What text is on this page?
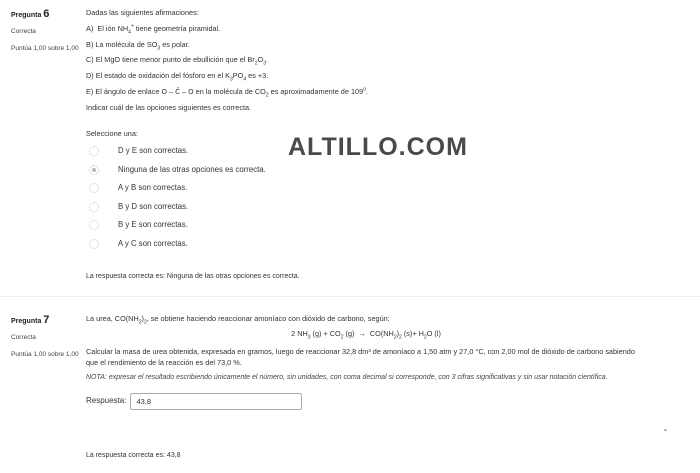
Pregunta 6
Correcta
Puntúa 1,00 sobre 1,00

Dadas las siguientes afirmaciones:

A)  El ión $NH_4^+$ tiene geometría piramidal.

B) La molécula de $SO_3$ es polar.

C) El MgO tiene menor punto de ebullición que el $Br_2O_3$.

D) El estado de oxidación del fósforo en el $K_3PO_4$ es +3.

E) El ángulo de enlace O – Ĉ – O en la molécula de $CO_2$ es aproximadamente de 109$^o$.

Indicar cuál de las opciones siguientes es correcta.

Seleccione una:
D y E son correctas.
Ninguna de las otras opciones es correcta.
A y B son correctas.
B y D son correctas.
B y E son correctas.
A y C son correctas.
La respuesta correcta es: Ninguna de las otras opciones es correcta.
ALTILLO.COM
Pregunta 7
Correcta
Puntúa 1,00 sobre 1,00

La urea, $CO(NH_2)_2$, se obtiene haciendo reaccionar amoníaco con dióxido de carbono, según:

2 $NH_3$ $(g) + CO_2$ $(g) \to CO(NH_2)_2$ $(s)+ H_2O$ (l)

Calcular la masa de urea obtenida, expresada en gramos, luego de reaccionar 32,8 dm³ de amoníaco a 1,50 atm y 27,0 °C, con 2,00 mol de dióxido de carbono sabiendo que el rendimiento de la reacción es del 73,0 %.

NOTA: expresar el resultado escribiendo únicamente el número, sin unidades, con coma decimal si corresponde, con 3 cifras significativas y sin usar notación científica.

Respuesta:
43,8
La respuesta correcta es: 43,8
⌃
